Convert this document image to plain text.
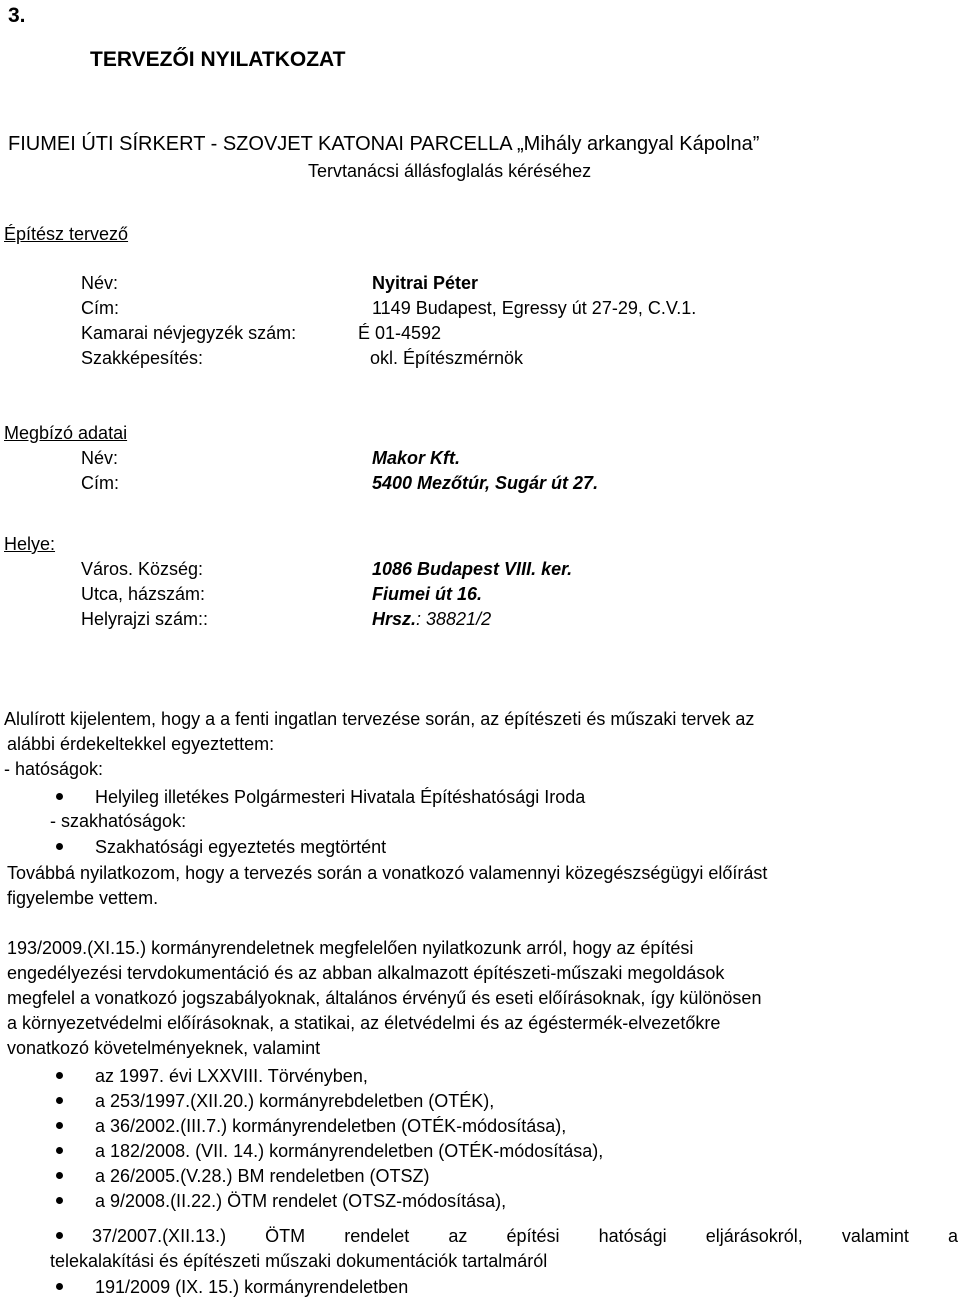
3.
TERVEZŐI NYILATKOZAT
FIUMEI ÚTI SÍRKERT - SZOVJET KATONAI PARCELLA „Mihály arkangyal Kápolna”
Tervtanácsi állásfoglalás kéréséhez
Építész tervező
Név:	Nyitrai Péter
Cím:	1149 Budapest, Egressy út 27-29, C.V.1.
Kamarai névjegyzék szám:	É 01-4592
Szakképesítés:	okl. Építészmérnök
Megbízó adatai
Név:	Makor Kft.
Cím:	5400 Mezőtúr, Sugár út 27.
Helye:
Város. Község:	1086 Budapest VIII. ker.
Utca, házszám:	Fiumei út 16.
Helyrajzi szám::	Hrsz.: 38821/2
Alulírott kijelentem, hogy a a fenti ingatlan tervezése során, az építészeti és műszaki tervek az
alábbi érdekeltekkel egyeztettem:
- hatóságok:
Helyileg illetékes Polgármesteri Hivatala Építéshatósági Iroda
- szakhatóságok:
Szakhatósági egyeztetés megtörtént
Továbbá nyilatkozom, hogy a tervezés során a vonatkozó valamennyi közegészségügyi előírást
figyelembe vettem.
193/2009.(XI.15.) kormányrendeletnek megfelelően nyilatkozunk arról, hogy az építési
engedélyezési tervdokumentáció és az abban alkalmazott építészeti-műszaki megoldások
megfelel a vonatkozó jogszabályoknak, általános érvényű és eseti előírásoknak, így különösen
a környezetvédelmi előírásoknak, a statikai, az életvédelmi és az égéstermék-elvezetőkre
vonatkozó követelményeknek, valamint
az 1997. évi LXXVIII. Törvényben,
a 253/1997.(XII.20.) kormányrebdeletben (OTÉK),
a 36/2002.(III.7.) kormányrendeletben (OTÉK-módosítása),
a 182/2008. (VII. 14.) kormányrendeletben (OTÉK-módosítása),
a 26/2005.(V.28.) BM rendeletben (OTSZ)
a 9/2008.(II.22.) ÖTM rendelet (OTSZ-módosítása),
37/2007.(XII.13.) ÖTM rendelet az építési hatósági eljárásokról, valamint a
telekalakítási és építészeti műszaki dokumentációk tartalmáról
191/2009 (IX. 15.) kormányrendeletben
